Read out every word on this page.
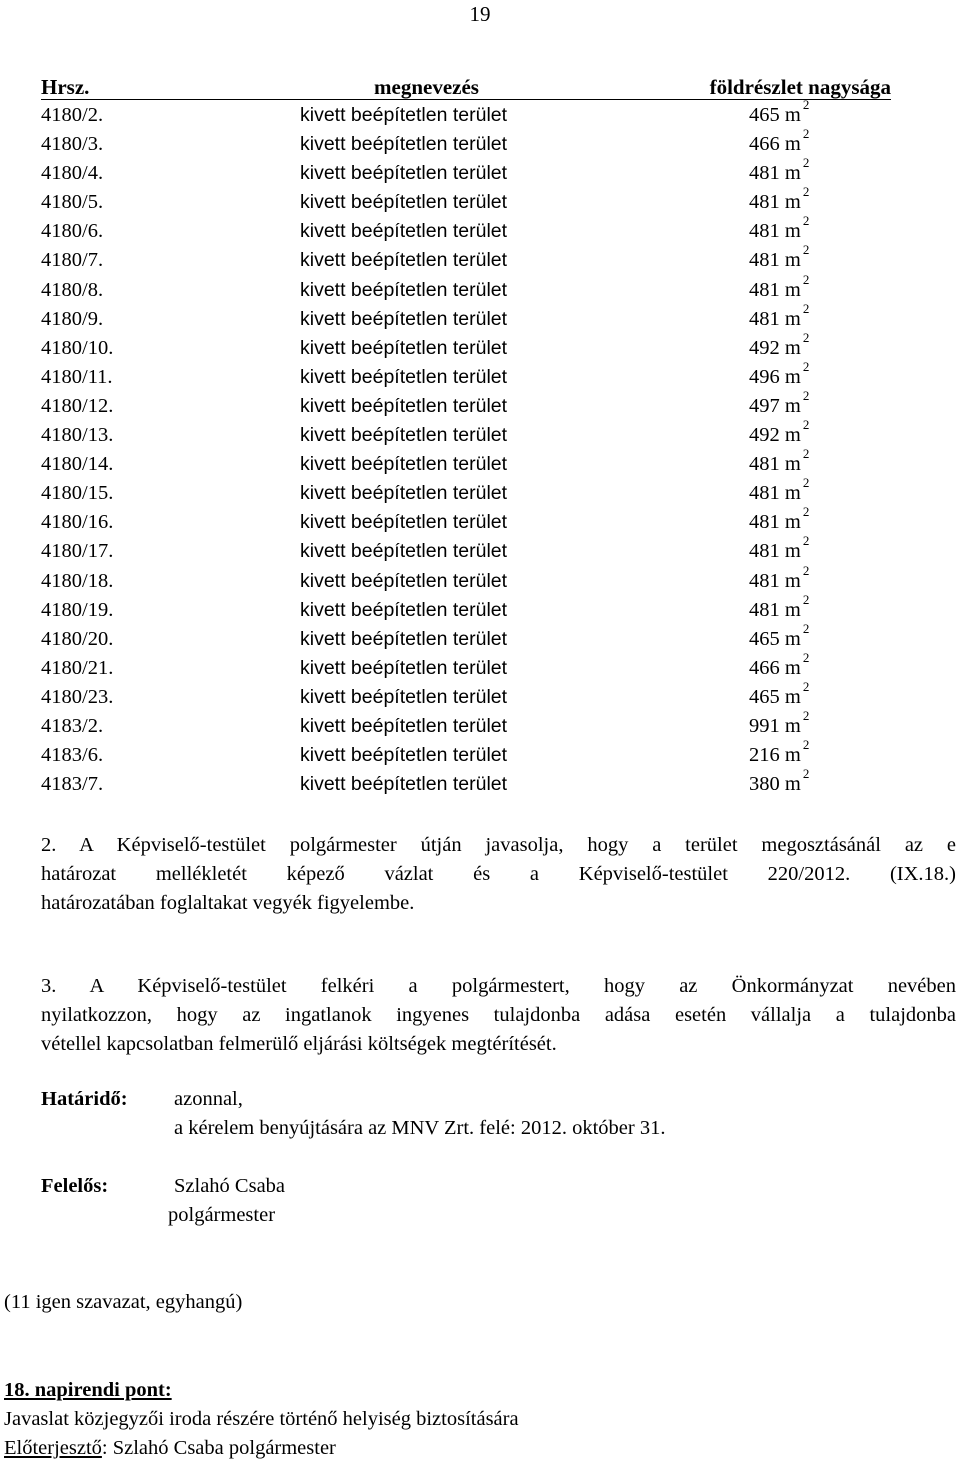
19
Hrsz.	megnevezés	földrészlet nagysága
4180/2.	kivett beépítetlen terület	465 m $^2$
4180/3.	kivett beépítetlen terület	466 m $^2$
4180/4.	kivett beépítetlen terület	481 m $^2$
4180/5.	kivett beépítetlen terület	481 m $^2$
4180/6.	kivett beépítetlen terület	481 m $^2$
4180/7.	kivett beépítetlen terület	481 m $^2$
4180/8.	kivett beépítetlen terület	481 m $^2$
4180/9.	kivett beépítetlen terület	481 m $^2$
4180/10.	kivett beépítetlen terület	492 m $^2$
4180/11.	kivett beépítetlen terület	496 m $^2$
4180/12.	kivett beépítetlen terület	497 m $^2$
4180/13.	kivett beépítetlen terület	492 m $^2$
4180/14.	kivett beépítetlen terület	481 m $^2$
4180/15.	kivett beépítetlen terület	481 m $^2$
4180/16.	kivett beépítetlen terület	481 m $^2$
4180/17.	kivett beépítetlen terület	481 m $^2$
4180/18.	kivett beépítetlen terület	481 m $^2$
4180/19.	kivett beépítetlen terület	481 m $^2$
4180/20.	kivett beépítetlen terület	465 m $^2$
4180/21.	kivett beépítetlen terület	466 m $^2$
4180/23.	kivett beépítetlen terület	465 m $^2$
4183/2.	kivett beépítetlen terület	991 m $^2$
4183/6.	kivett beépítetlen terület	216 m $^2$
4183/7.	kivett beépítetlen terület	380 m $^2$
2. A Képviselő-testület polgármester útján javasolja, hogy a terület megosztásánál az e
határozat mellékletét képező vázlat és a Képviselő-testület 220/2012. (IX.18.)
határozatában foglaltakat vegyék figyelembe.
3. A Képviselő-testület felkéri a polgármestert, hogy az Önkormányzat nevében
nyilatkozzon, hogy az ingatlanok ingyenes tulajdonba adása esetén vállalja a tulajdonba
vétellel kapcsolatban felmerülő eljárási költségek megtérítését.
Határidő: azonnal,
a kérelem benyújtására az MNV Zrt. felé: 2012. október 31.
Felelős:	Szlahó Csaba
polgármester
(11 igen szavazat, egyhangú)
18. napirendi pont:
Javaslat közjegyzői iroda részére történő helyiség biztosítására
Előterjesztő: Szlahó Csaba polgármester
